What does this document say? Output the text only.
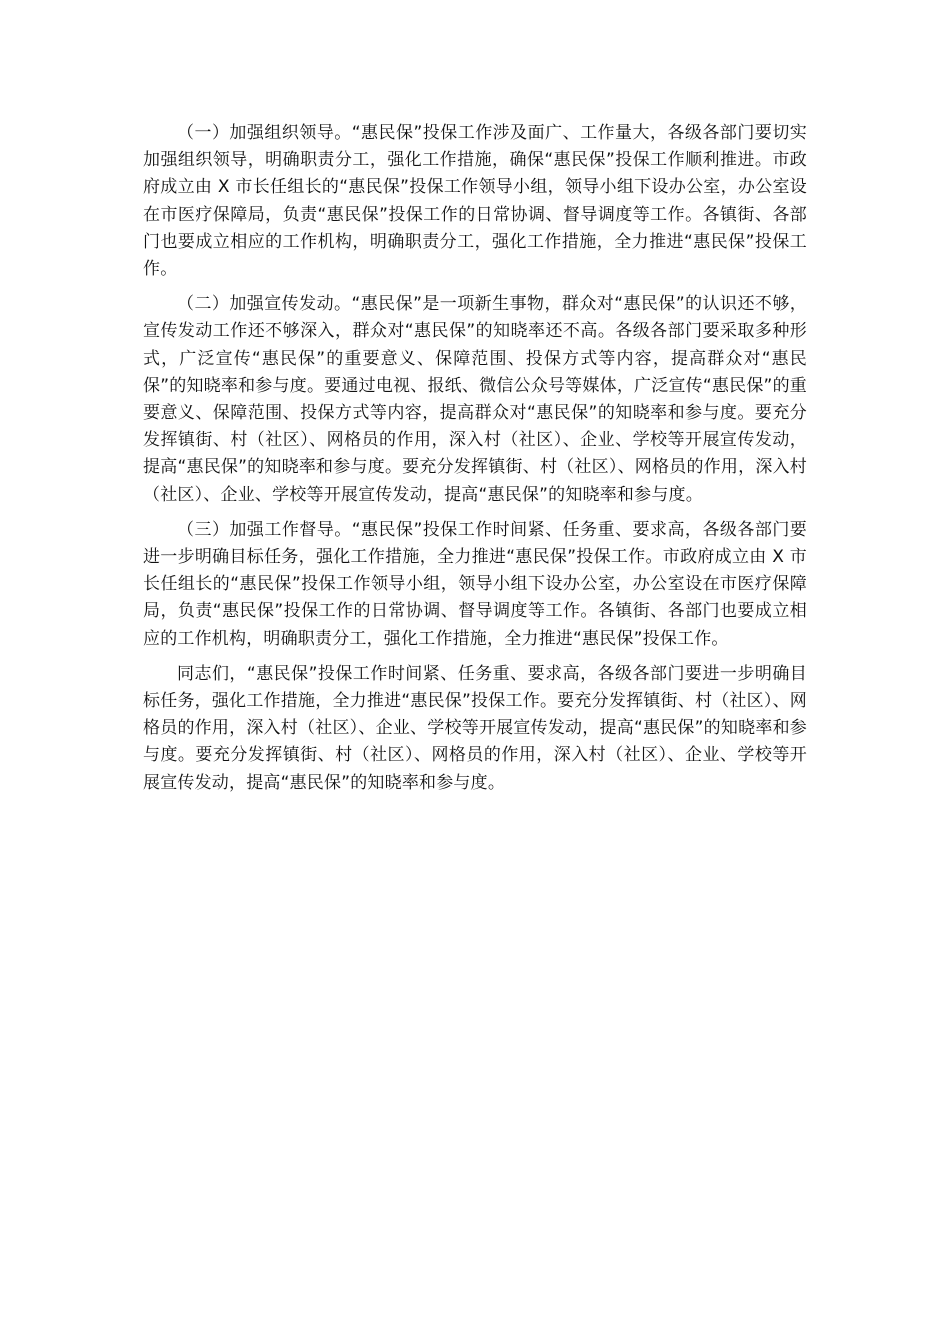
（一）加强组织领导。“惠民保”投保工作涉及面广、工作量大，各级各部门要切实加强组织领导，明确职责分工，强化工作措施，确保“惠民保”投保工作顺利推进。市政府成立由 X 市长任组长的“惠民保”投保工作领导小组，领导小组下设办公室，办公室设在市医疗保障局，负责“惠民保”投保工作的日常协调、督导调度等工作。各镇街、各部门也要成立相应的工作机构，明确职责分工，强化工作措施，全力推进“惠民保”投保工作。

（二）加强宣传发动。“惠民保”是一项新生事物，群众对“惠民保”的认识还不够，宣传发动工作还不够深入，群众对“惠民保”的知晓率还不高。各级各部门要采取多种形式，广泛宣传“惠民保”的重要意义、保障范围、投保方式等内容，提高群众对“惠民保”的知晓率和参与度。要通过电视、报纸、微信公众号等媒体，广泛宣传“惠民保”的重要意义、保障范围、投保方式等内容，提高群众对“惠民保”的知晓率和参与度。要充分发挥镇街、村（社区）、网格员的作用，深入村（社区）、企业、学校等开展宣传发动，提高“惠民保”的知晓率和参与度。要充分发挥镇街、村（社区）、网格员的作用，深入村（社区）、企业、学校等开展宣传发动，提高“惠民保”的知晓率和参与度。

（三）加强工作督导。“惠民保”投保工作时间紧、任务重、要求高，各级各部门要进一步明确目标任务，强化工作措施，全力推进“惠民保”投保工作。市政府成立由 X 市长任组长的“惠民保”投保工作领导小组，领导小组下设办公室，办公室设在市医疗保障局，负责“惠民保”投保工作的日常协调、督导调度等工作。各镇街、各部门也要成立相应的工作机构，明确职责分工，强化工作措施，全力推进“惠民保”投保工作。

同志们，“惠民保”投保工作时间紧、任务重、要求高，各级各部门要进一步明确目标任务，强化工作措施，全力推进“惠民保”投保工作。要充分发挥镇街、村（社区）、网格员的作用，深入村（社区）、企业、学校等开展宣传发动，提高“惠民保”的知晓率和参与度。要充分发挥镇街、村（社区）、网格员的作用，深入村（社区）、企业、学校等开展宣传发动，提高“惠民保”的知晓率和参与度。
